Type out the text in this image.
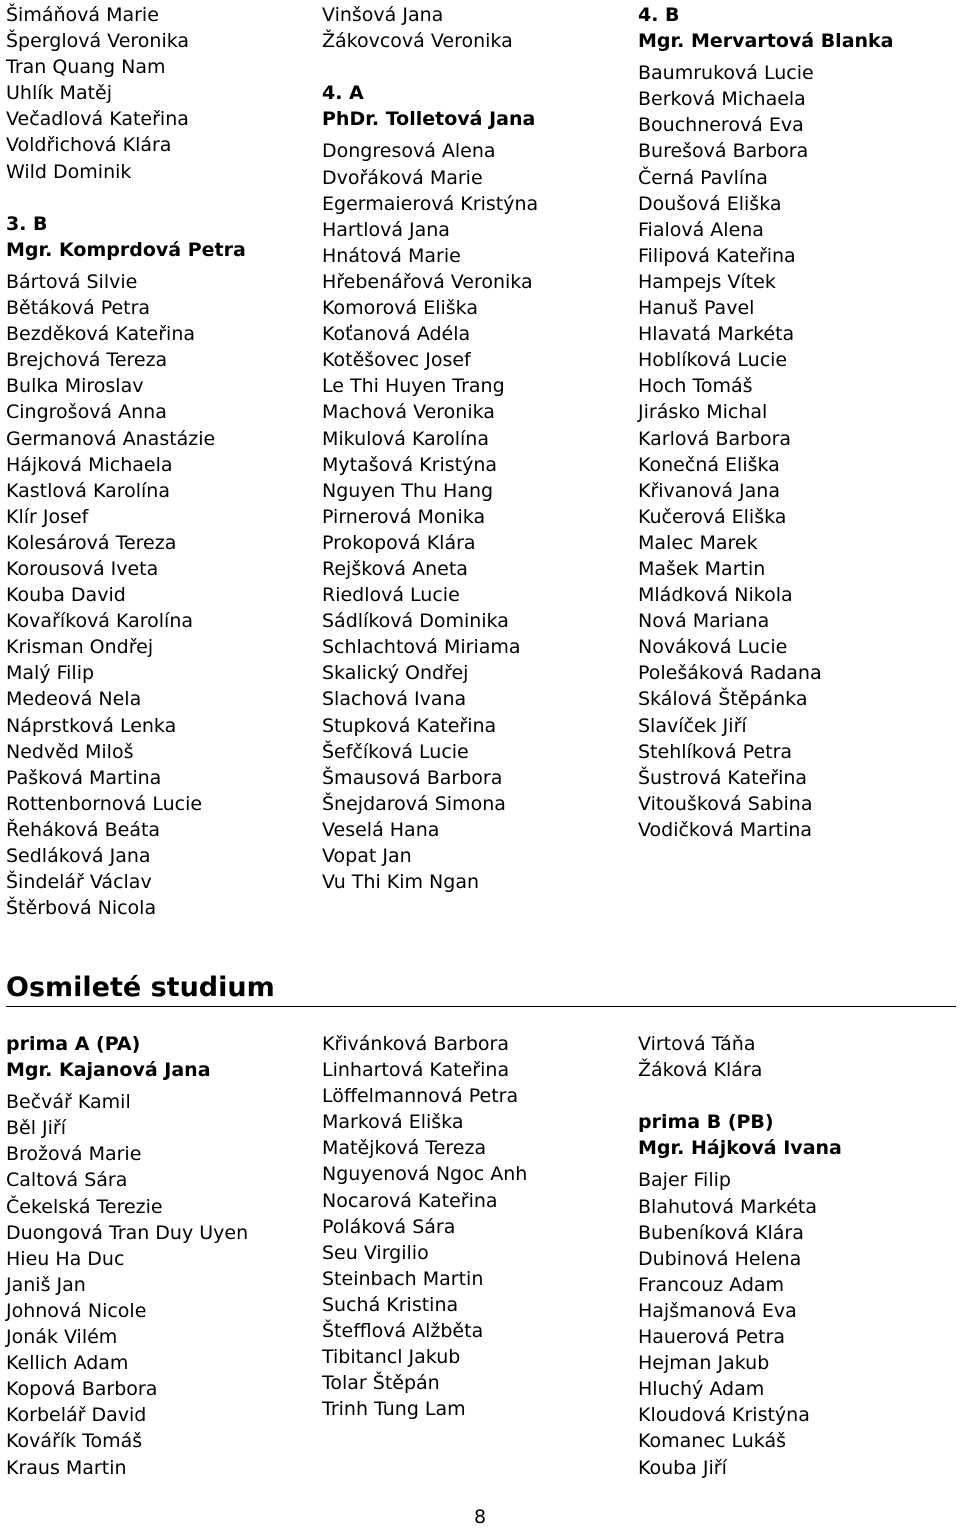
Šimáňová Marie
Šperglová Veronika
Tran Quang Nam
Uhlík Matěj
Večadlová Kateřina
Voldřichová Klára
Wild Dominik
3. B
Mgr. Komprdová Petra
Bártová Silvie
Bětáková Petra
Bezděková Kateřina
Brejchová Tereza
Bulka Miroslav
Cingrošová Anna
Germanová Anastázie
Hájková Michaela
Kastlová Karolína
Klír Josef
Kolesárová Tereza
Korousová Iveta
Kouba David
Kovaříková Karolína
Krisman Ondřej
Malý Filip
Medeová Nela
Náprstková Lenka
Nedvěd Miloš
Pašková Martina
Rottenbornová Lucie
Řeháková Beáta
Sedláková Jana
Šindelář Václav
Štěrbová Nicola
Vinšová Jana
Žákovcová Veronika
4. A
PhDr. Tolletová Jana
Dongresová Alena
Dvořáková Marie
Egermaierová Kristýna
Hartlová Jana
Hnátová Marie
Hřebenářová Veronika
Komorová Eliška
Koťanová Adéla
Kotěšovec Josef
Le Thi Huyen Trang
Machová Veronika
Mikulová Karolína
Mytašová Kristýna
Nguyen Thu Hang
Pirnerová Monika
Prokopová Klára
Rejšková Aneta
Riedlová Lucie
Sádlíková Dominika
Schlachtová Miriama
Skalický Ondřej
Slachová Ivana
Stupková Kateřina
Šefčíková Lucie
Šmausová Barbora
Šnejdarová Simona
Veselá Hana
Vopat Jan
Vu Thi Kim Ngan
4. B
Mgr. Mervartová Blanka
Baumruková Lucie
Berková Michaela
Bouchnerová Eva
Burešová Barbora
Černá Pavlína
Doušová Eliška
Fialová Alena
Filipová Kateřina
Hampejs Vítek
Hanuš Pavel
Hlavatá Markéta
Hoblíková Lucie
Hoch Tomáš
Jirásko Michal
Karlová Barbora
Konečná Eliška
Křivanová Jana
Kučerová Eliška
Malec Marek
Mašek Martin
Mládková Nikola
Nová Mariana
Nováková Lucie
Polešáková Radana
Skálová Štěpánka
Slavíček Jiří
Stehlíková Petra
Šustrová Kateřina
Vitoušková Sabina
Vodičková Martina
Osmileté studium
prima A (PA)
Mgr. Kajanová Jana
Bečvář Kamil
Běl Jiří
Brožová Marie
Caltová Sára
Čekelská Terezie
Duongová Tran Duy Uyen
Hieu Ha Duc
Janiš Jan
Johnová Nicole
Jonák Vilém
Kellich Adam
Kopová Barbora
Korbelář David
Kovářík Tomáš
Kraus Martin
Křivánková Barbora
Linhartová Kateřina
Löffelmannová Petra
Marková Eliška
Matějková Tereza
Nguyenová Ngoc Anh
Nocarová Kateřina
Poláková Sára
Seu Virgilio
Steinbach Martin
Suchá Kristina
Štefflová Alžběta
Tibitancl Jakub
Tolar Štěpán
Trinh Tung Lam
Virtová Táňa
Žáková Klára
prima B (PB)
Mgr. Hájková Ivana
Bajer Filip
Blahutová Markéta
Bubeníková Klára
Dubinová Helena
Francouz Adam
Hajšmanová Eva
Hauerová Petra
Hejman Jakub
Hluchý Adam
Kloudová Kristýna
Komanec Lukáš
Kouba Jiří
8
